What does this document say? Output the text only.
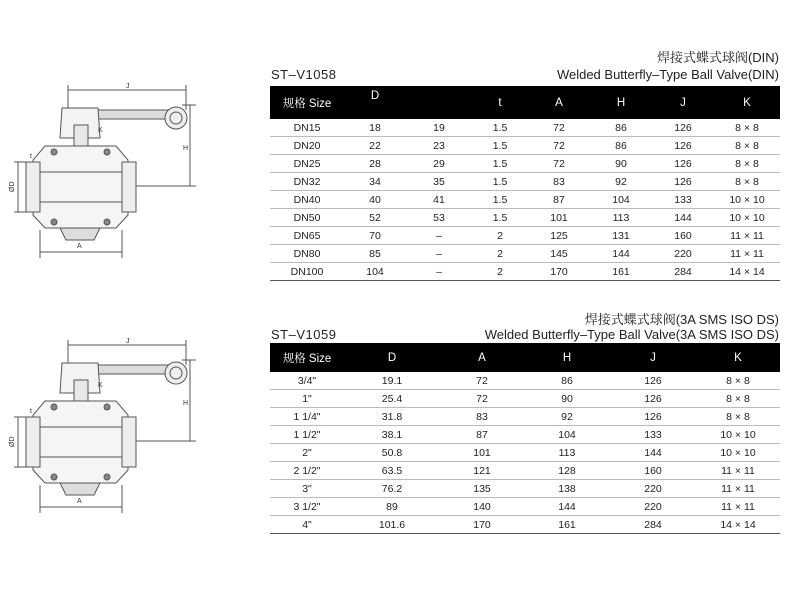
J
K
H
t
ØD
A
焊接式蝶式球阀(DIN)
ST–V1058	Welded Butterfly–Type Ball Valve(DIN)
规格 Size	D		t	A	H	J	K
DN15	18	19	1.5	72	86	126	8 × 8
DN20	22	23	1.5	72	86	126	8 × 8
DN25	28	29	1.5	72	90	126	8 × 8
DN32	34	35	1.5	83	92	126	8 × 8
DN40	40	41	1.5	87	104	133	10 × 10
DN50	52	53	1.5	101	113	144	10 × 10
DN65	70	–	2	125	131	160	11 × 11
DN80	85	–	2	145	144	220	11 × 11
DN100	104	–	2	170	161	284	14 × 14
J
K
H
t
ØD
A
焊接式蝶式球阀(3A SMS ISO DS)
ST–V1059	Welded Butterfly–Type Ball Valve(3A SMS ISO DS)
规格 Size	D	A	H	J	K
3/4"	19.1	72	86	126	8 × 8
1"	25.4	72	90	126	8 × 8
1 1/4"	31.8	83	92	126	8 × 8
1 1/2"	38.1	87	104	133	10 × 10
2"	50.8	101	113	144	10 × 10
2 1/2"	63.5	121	128	160	11 × 11
3"	76.2	135	138	220	11 × 11
3 1/2"	89	140	144	220	11 × 11
4"	101.6	170	161	284	14 × 14
